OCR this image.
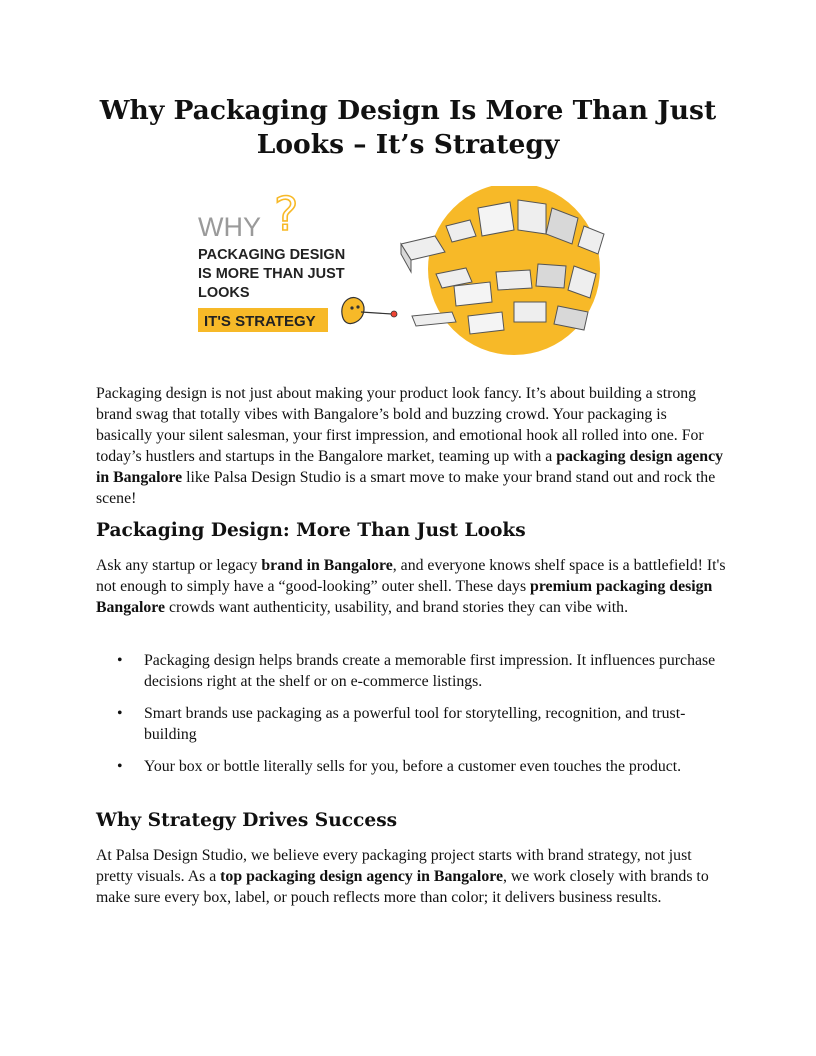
Why Packaging Design Is More Than Just Looks – It’s Strategy
?
WHY
PACKAGING DESIGN
IS MORE THAN JUST
LOOKS
IT'S STRATEGY

Packaging design is not just about making your product look fancy. It’s about building a strong brand swag that totally vibes with Bangalore’s bold and buzzing crowd. Your packaging is basically your silent salesman, your first impression, and emotional hook all rolled into one. For today’s hustlers and startups in the Bangalore market, teaming up with a packaging design agency in Bangalore like Palsa Design Studio is a smart move to make your brand stand out and rock the scene!

Packaging Design: More Than Just Looks

Ask any startup or legacy brand in Bangalore, and everyone knows shelf space is a battlefield! It's not enough to simply have a “good-looking” outer shell. These days premium packaging design Bangalore crowds want authenticity, usability, and brand stories they can vibe with.

• Packaging design helps brands create a memorable first impression. It influences purchase decisions right at the shelf or on e-commerce listings.
• Smart brands use packaging as a powerful tool for storytelling, recognition, and trust-building
• Your box or bottle literally sells for you, before a customer even touches the product.
Why Strategy Drives Success

At Palsa Design Studio, we believe every packaging project starts with brand strategy, not just pretty visuals. As a top packaging design agency in Bangalore, we work closely with brands to make sure every box, label, or pouch reflects more than color; it delivers business results.
